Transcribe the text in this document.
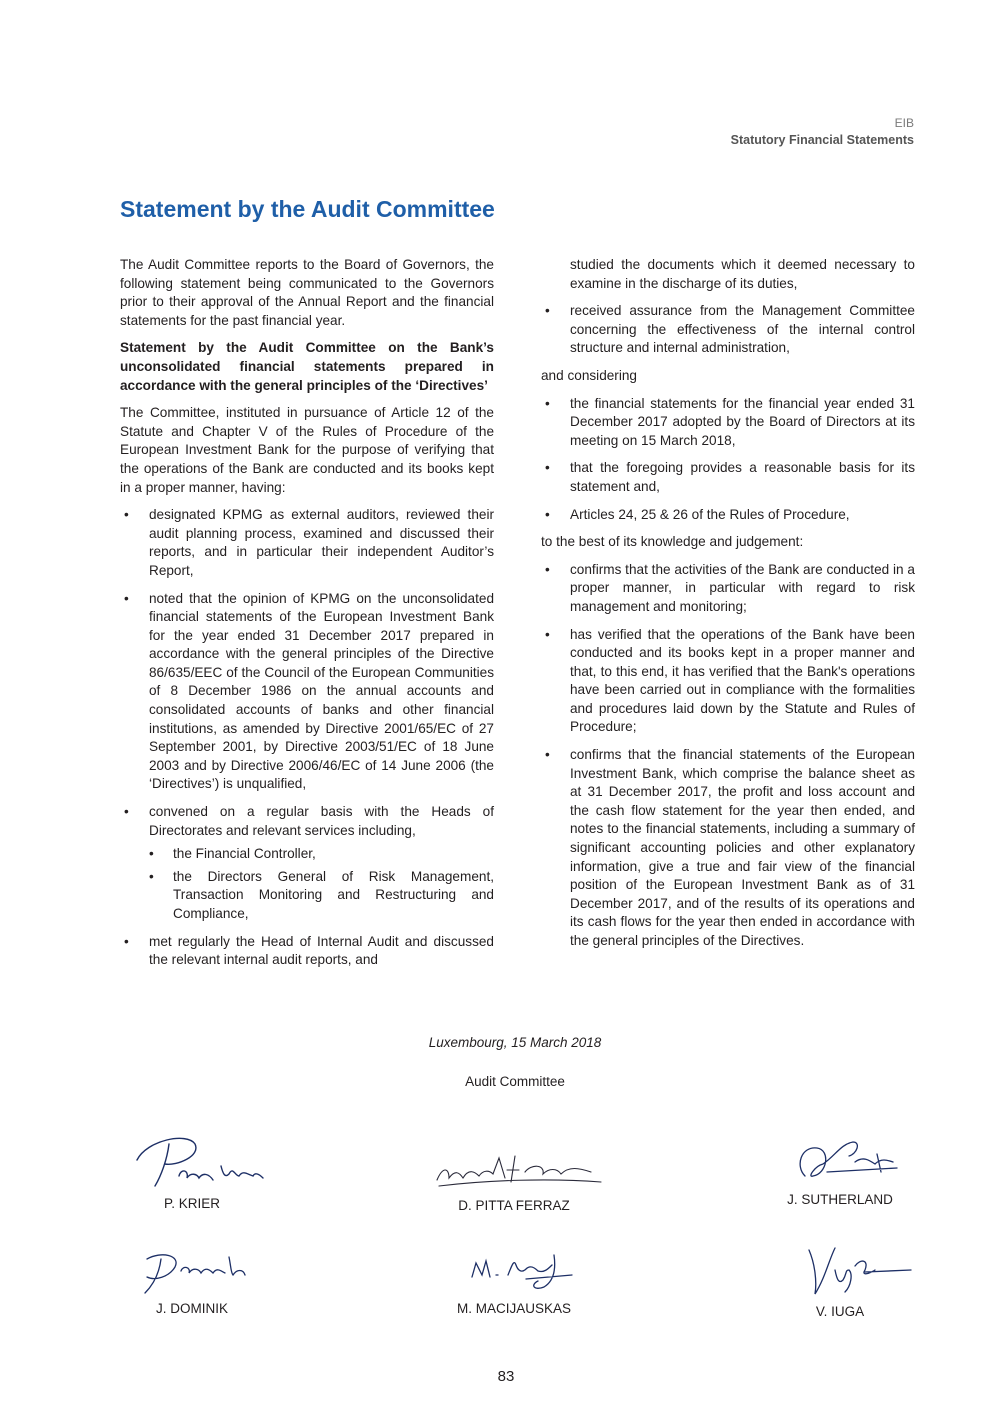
EIB
Statutory Financial Statements
Statement by the Audit Committee

The Audit Committee reports to the Board of Governors, the following statement being communicated to the Governors prior to their approval of the Annual Report and the financial statements for the past financial year.

Statement by the Audit Committee on the Bank’s unconsolidated financial statements prepared in accordance with the general principles of the ‘Directives’

The Committee, instituted in pursuance of Article 12 of the Statute and Chapter V of the Rules of Procedure of the European Investment Bank for the purpose of verifying that the operations of the Bank are conducted and its books kept in a proper manner, having:

• designated KPMG as external auditors, reviewed their audit planning process, examined and discussed their reports, and in particular their independent Auditor’s Report,
• noted that the opinion of KPMG on the unconsolidated financial statements of the European Investment Bank for the year ended 31 December 2017 prepared in accordance with the general principles of the Directive 86/635/EEC of the Council of the European Communities of 8 December 1986 on the annual accounts and consolidated accounts of banks and other financial institutions, as amended by Directive 2001/65/EC of 27 September 2001, by Directive 2003/51/EC of 18 June 2003 and by Directive 2006/46/EC of 14 June 2006 (the ‘Directives’) is unqualified,
• convened on a regular basis with the Heads of Directorates and relevant services including,
• the Financial Controller,
• the Directors General of Risk Management, Transaction Monitoring and Restructuring and Compliance,
• met regularly the Head of Internal Audit and discussed the relevant internal audit reports, and

studied the documents which it deemed necessary to examine in the discharge of its duties,

• received assurance from the Management Committee concerning the effectiveness of the internal control structure and internal administration,

and considering

• the financial statements for the financial year ended 31 December 2017 adopted by the Board of Directors at its meeting on 15 March 2018,
• that the foregoing provides a reasonable basis for its statement and,
• Articles 24, 25 & 26 of the Rules of Procedure,

to the best of its knowledge and judgement:

• confirms that the activities of the Bank are conducted in a proper manner, in particular with regard to risk management and monitoring;
• has verified that the operations of the Bank have been conducted and its books kept in a proper manner and that, to this end, it has verified that the Bank's operations have been carried out in compliance with the formalities and procedures laid down by the Statute and Rules of Procedure;
• confirms that the financial statements of the European Investment Bank, which comprise the balance sheet as at 31 December 2017, the profit and loss account and the cash flow statement for the year then ended, and notes to the financial statements, including a summary of significant accounting policies and other explanatory information, give a true and fair view of the financial position of the European Investment Bank as of 31 December 2017, and of the results of its operations and its cash flows for the year then ended in accordance with the general principles of the Directives.
Luxembourg, 15 March 2018
Audit Committee
P. KRIER	D. PITTA FERRAZ	J. SUTHERLAND
J. DOMINIK	M. MACIJAUSKAS	V. IUGA
83
